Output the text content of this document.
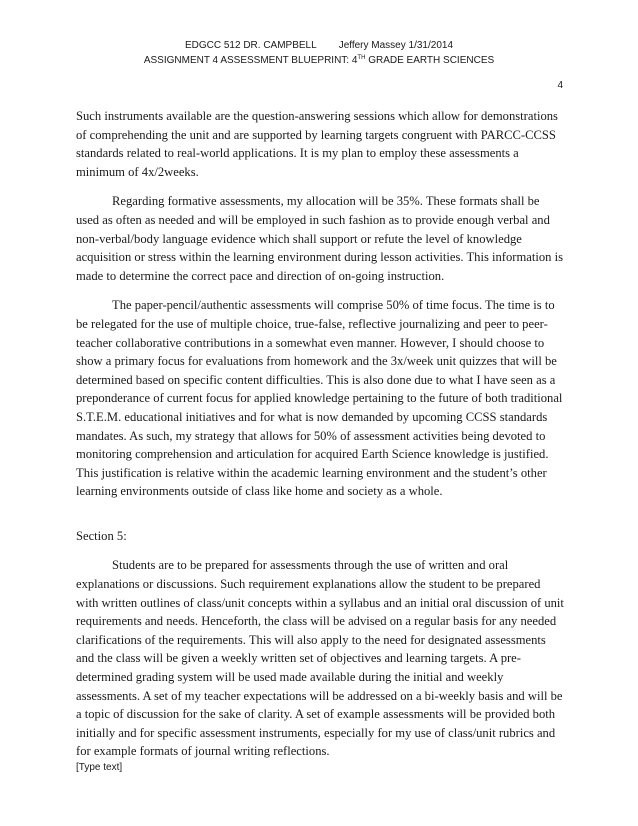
EDGCC 512 DR. CAMPBELL Jeffery Massey 1/31/2014
ASSIGNMENT 4 ASSESSMENT BLUEPRINT: 4TH GRADE EARTH SCIENCES
4

Such instruments available are the question-answering sessions which allow for demonstrations of comprehending the unit and are supported by learning targets congruent with PARCC-CCSS standards related to real-world applications. It is my plan to employ these assessments a minimum of 4x/2weeks.

Regarding formative assessments, my allocation will be 35%. These formats shall be used as often as needed and will be employed in such fashion as to provide enough verbal and non-verbal/body language evidence which shall support or refute the level of knowledge acquisition or stress within the learning environment during lesson activities. This information is made to determine the correct pace and direction of on-going instruction.

The paper-pencil/authentic assessments will comprise 50% of time focus. The time is to be relegated for the use of multiple choice, true-false, reflective journalizing and peer to peer-teacher collaborative contributions in a somewhat even manner. However, I should choose to show a primary focus for evaluations from homework and the 3x/week unit quizzes that will be determined based on specific content difficulties. This is also done due to what I have seen as a preponderance of current focus for applied knowledge pertaining to the future of both traditional S.T.E.M. educational initiatives and for what is now demanded by upcoming CCSS standards mandates. As such, my strategy that allows for 50% of assessment activities being devoted to monitoring comprehension and articulation for acquired Earth Science knowledge is justified. This justification is relative within the academic learning environment and the student’s other learning environments outside of class like home and society as a whole.

Section 5:

Students are to be prepared for assessments through the use of written and oral explanations or discussions. Such requirement explanations allow the student to be prepared with written outlines of class/unit concepts within a syllabus and an initial oral discussion of unit requirements and needs. Henceforth, the class will be advised on a regular basis for any needed clarifications of the requirements. This will also apply to the need for designated assessments and the class will be given a weekly written set of objectives and learning targets. A pre-determined grading system will be used made available during the initial and weekly assessments. A set of my teacher expectations will be addressed on a bi-weekly basis and will be a topic of discussion for the sake of clarity. A set of example assessments will be provided both initially and for specific assessment instruments, especially for my use of class/unit rubrics and for example formats of journal writing reflections.

[Type text]
